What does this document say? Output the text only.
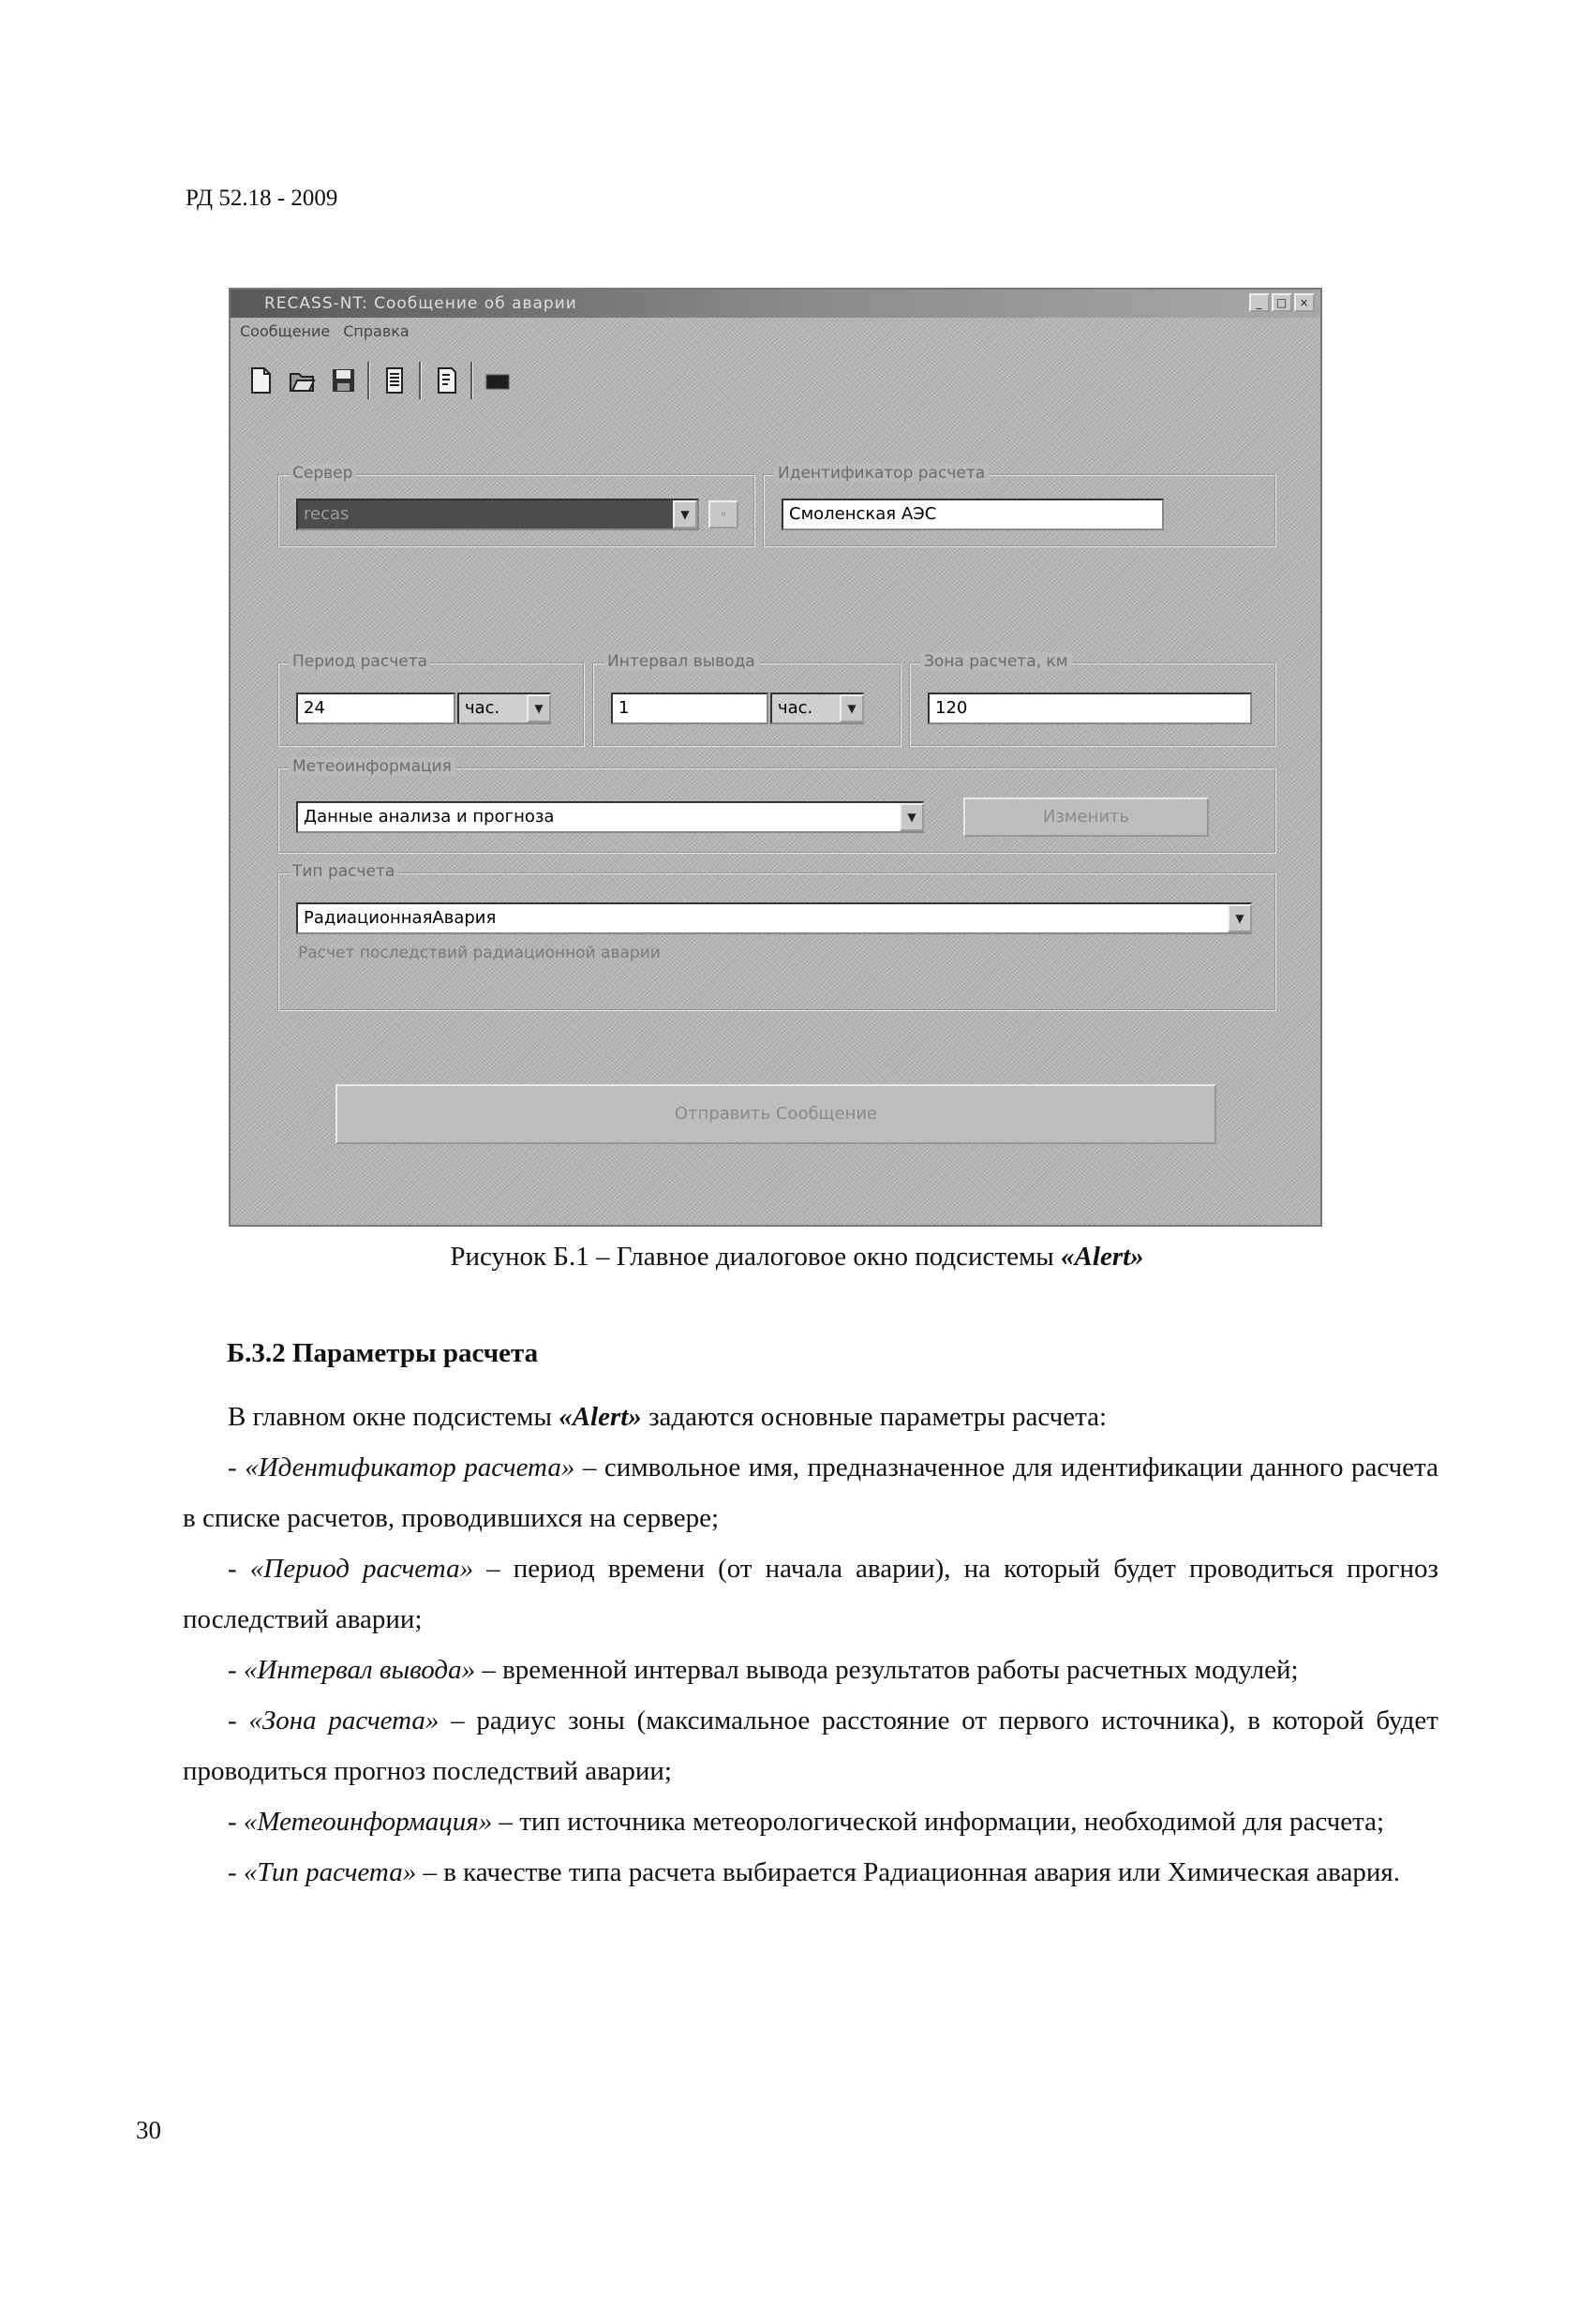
РД 52.18 - 2009
RECASS-NT: Сообщение об аварии	_	□	×
Сообщение Справка
Сервер
recas	▼	◦
Идентификатор расчета
Смоленская АЭС
Период расчета
24	час.	▼
Интервал вывода
1	час.	▼
Зона расчета, км
120
Метеоинформация
Данные анализа и прогноза	▼	Изменить
Тип расчета
РадиационнаяАвария	▼
Расчет последствий радиационной аварии
Отправить Сообщение
Рисунок Б.1 – Главное диалоговое окно подсистемы «Alert»
Б.3.2 Параметры расчета

В главном окне подсистемы «Alert» задаются основные параметры расчета:

- «Идентификатор расчета» – символьное имя, предназначенное для идентификации данного расчета в списке расчетов, проводившихся на сервере;

- «Период расчета» – период времени (от начала аварии), на который будет проводиться прогноз последствий аварии;

- «Интервал вывода» – временной интервал вывода результатов работы расчетных модулей;

- «Зона расчета» – радиус зоны (максимальное расстояние от первого источника), в которой будет проводиться прогноз последствий аварии;

- «Метеоинформация» – тип источника метеорологической информации, необходимой для расчета;

- «Тип расчета» – в качестве типа расчета выбирается Радиационная авария или Химическая авария.

30
